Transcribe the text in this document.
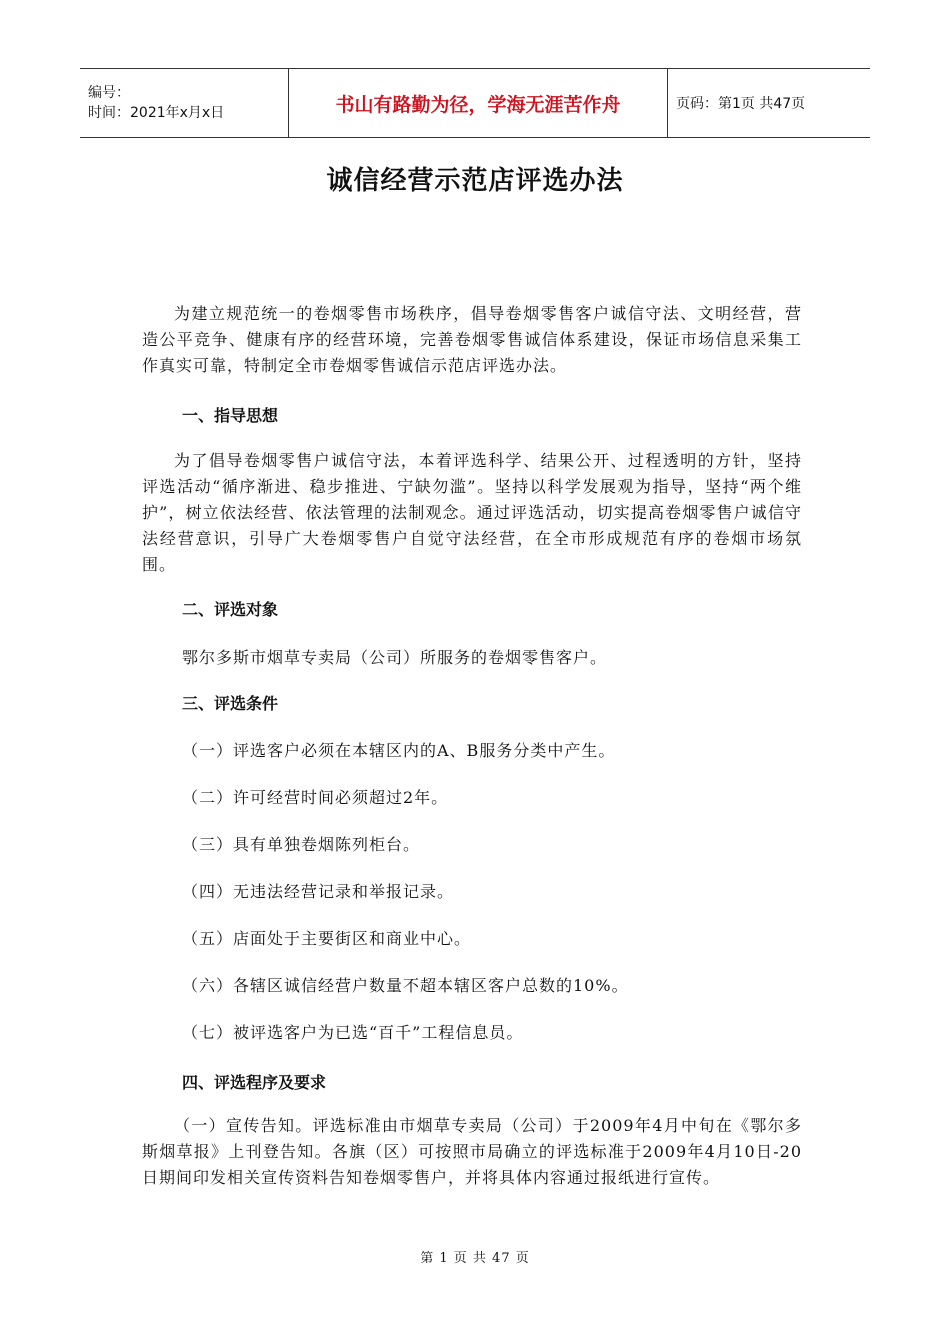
编号：
时间：2021年x月x日	书山有路勤为径，学海无涯苦作舟	页码：第1页 共47页
诚信经营示范店评选办法

为建立规范统一的卷烟零售市场秩序，倡导卷烟零售客户诚信守法、文明经营，营造公平竞争、健康有序的经营环境，完善卷烟零售诚信体系建设，保证市场信息采集工作真实可靠，特制定全市卷烟零售诚信示范店评选办法。

一、指导思想

为了倡导卷烟零售户诚信守法，本着评选科学、结果公开、过程透明的方针，坚持评选活动“循序渐进、稳步推进、宁缺勿滥”。坚持以科学发展观为指导，坚持“两个维护”，树立依法经营、依法管理的法制观念。通过评选活动，切实提高卷烟零售户诚信守法经营意识，引导广大卷烟零售户自觉守法经营，在全市形成规范有序的卷烟市场氛围。

二、评选对象
鄂尔多斯市烟草专卖局（公司）所服务的卷烟零售客户。
三、评选条件
（一）评选客户必须在本辖区内的A、B服务分类中产生。
（二）许可经营时间必须超过2年。
（三）具有单独卷烟陈列柜台。
（四）无违法经营记录和举报记录。
（五）店面处于主要街区和商业中心。
（六）各辖区诚信经营户数量不超本辖区客户总数的10%。
（七）被评选客户为已选“百千”工程信息员。
四、评选程序及要求

（一）宣传告知。评选标准由市烟草专卖局（公司）于2009年4月中旬在《鄂尔多斯烟草报》上刊登告知。各旗（区）可按照市局确立的评选标准于2009年4月10日-20日期间印发相关宣传资料告知卷烟零售户，并将具体内容通过报纸进行宣传。

第 1 页 共 47 页
